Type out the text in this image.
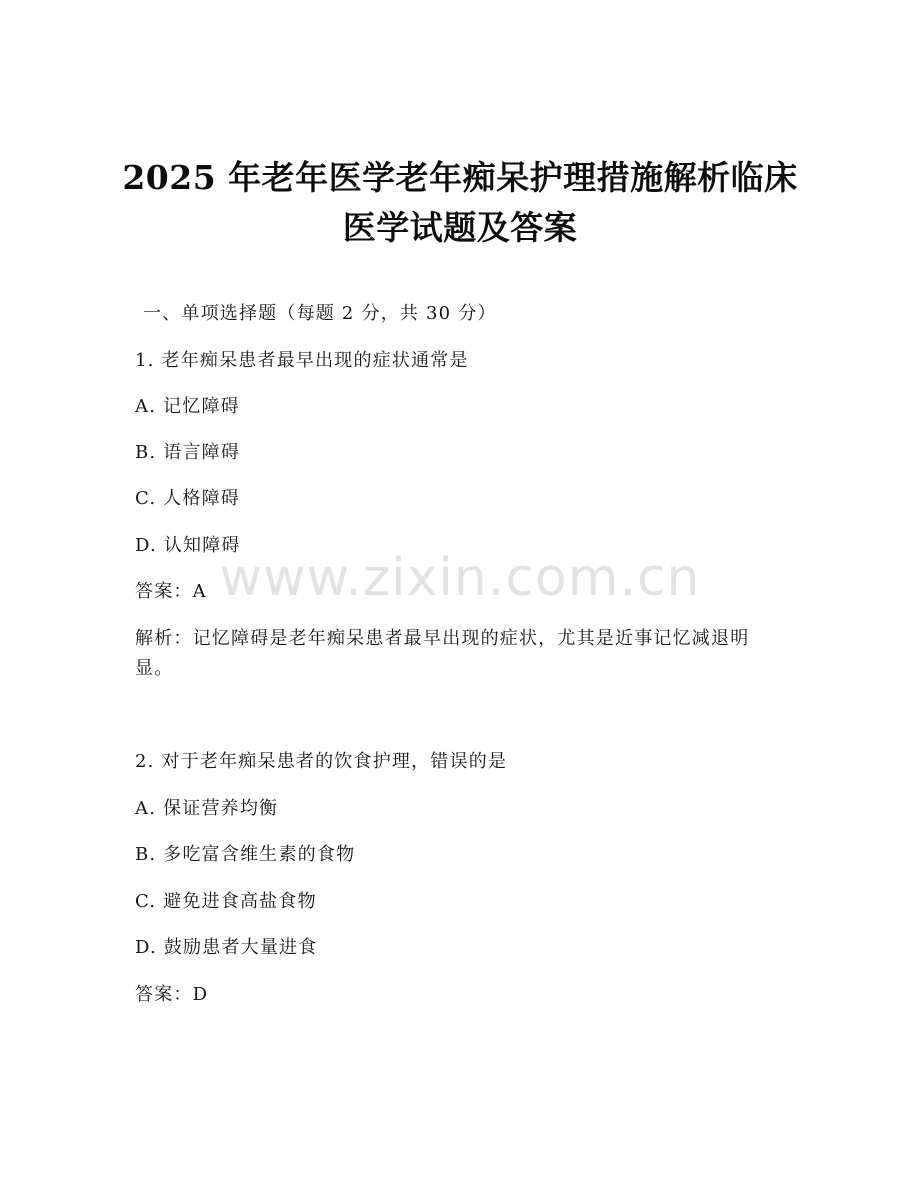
2025 年老年医学老年痴呆护理措施解析临床
医学试题及答案
一、单项选择题（每题 2 分，共 30 分）
1. 老年痴呆患者最早出现的症状通常是
A. 记忆障碍
B. 语言障碍
C. 人格障碍
D. 认知障碍
答案：A
解析：记忆障碍是老年痴呆患者最早出现的症状，尤其是近事记忆减退明显。
2. 对于老年痴呆患者的饮食护理，错误的是
A. 保证营养均衡
B. 多吃富含维生素的食物
C. 避免进食高盐食物
D. 鼓励患者大量进食
答案：D
www.zixin.com.cn
